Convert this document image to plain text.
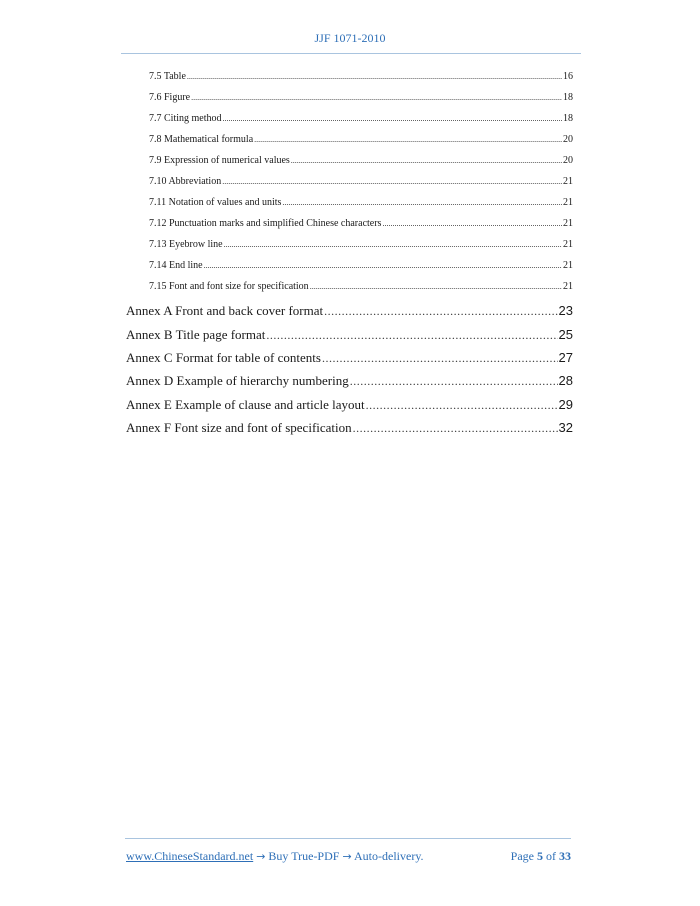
JJF 1071-2010
7.5 Table .....	16
7.6 Figure .....	18
7.7 Citing method .....	18
7.8 Mathematical formula .....	20
7.9 Expression of numerical values .....	20
7.10 Abbreviation .....	21
7.11 Notation of values and units .....	21
7.12 Punctuation marks and simplified Chinese characters .....	21
7.13 Eyebrow line .....	21
7.14 End line .....	21
7.15 Font and font size for specification .....	21
Annex A Front and back cover format .....	23
Annex B Title page format .....	25
Annex C Format for table of contents .....	27
Annex D Example of hierarchy numbering .....	28
Annex E Example of clause and article layout .....	29
Annex F Font size and font of specification .....	32
www.ChineseStandard.net → Buy True-PDF → Auto-delivery.	Page 5 of 33
